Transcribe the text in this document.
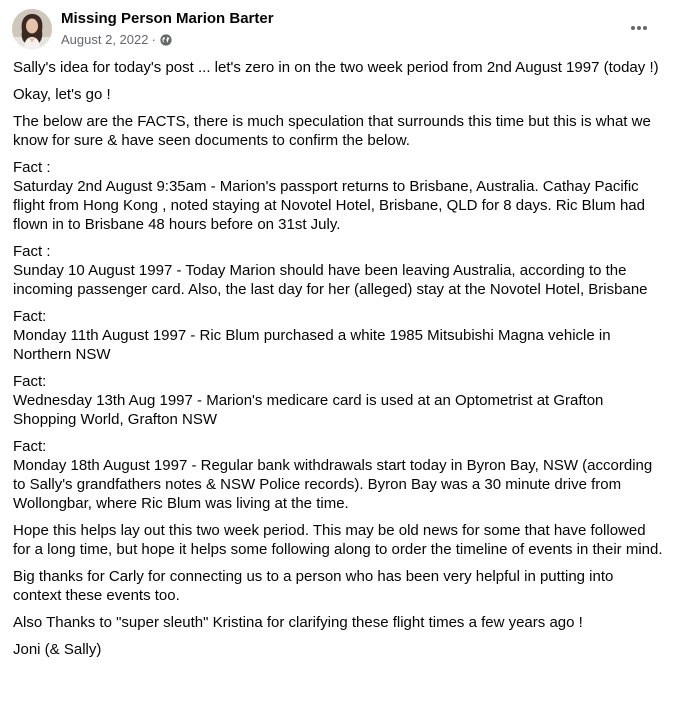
Missing Person Marion Barter
August 2, 2022 ·

Sally's idea for today's post ... let's zero in on the two week period from 2nd August 1997 (today !)

Okay, let's go !

The below are the FACTS, there is much speculation that surrounds this time but this is what we know for sure & have seen documents to confirm the below.

Fact :
Saturday 2nd August 9:35am - Marion's passport returns to Brisbane, Australia. Cathay Pacific flight from Hong Kong , noted staying at Novotel Hotel, Brisbane, QLD for 8 days. Ric Blum had flown in to Brisbane 48 hours before on 31st July.

Fact :
Sunday 10 August 1997 - Today Marion should have been leaving Australia, according to the incoming passenger card. Also, the last day for her (alleged) stay at the Novotel Hotel, Brisbane

Fact:
Monday 11th August 1997 - Ric Blum purchased a white 1985 Mitsubishi Magna vehicle in Northern NSW

Fact:
Wednesday 13th Aug 1997 - Marion's medicare card is used at an Optometrist at Grafton Shopping World, Grafton NSW

Fact:
Monday 18th August 1997 - Regular bank withdrawals start today in Byron Bay, NSW (according to Sally's grandfathers notes & NSW Police records). Byron Bay was a 30 minute drive from Wollongbar, where Ric Blum was living at the time.

Hope this helps lay out this two week period. This may be old news for some that have followed for a long time, but hope it helps some following along to order the timeline of events in their mind.

Big thanks for Carly for connecting us to a person who has been very helpful in putting into context these events too.

Also Thanks to "super sleuth" Kristina for clarifying these flight times a few years ago !

Joni (& Sally)
